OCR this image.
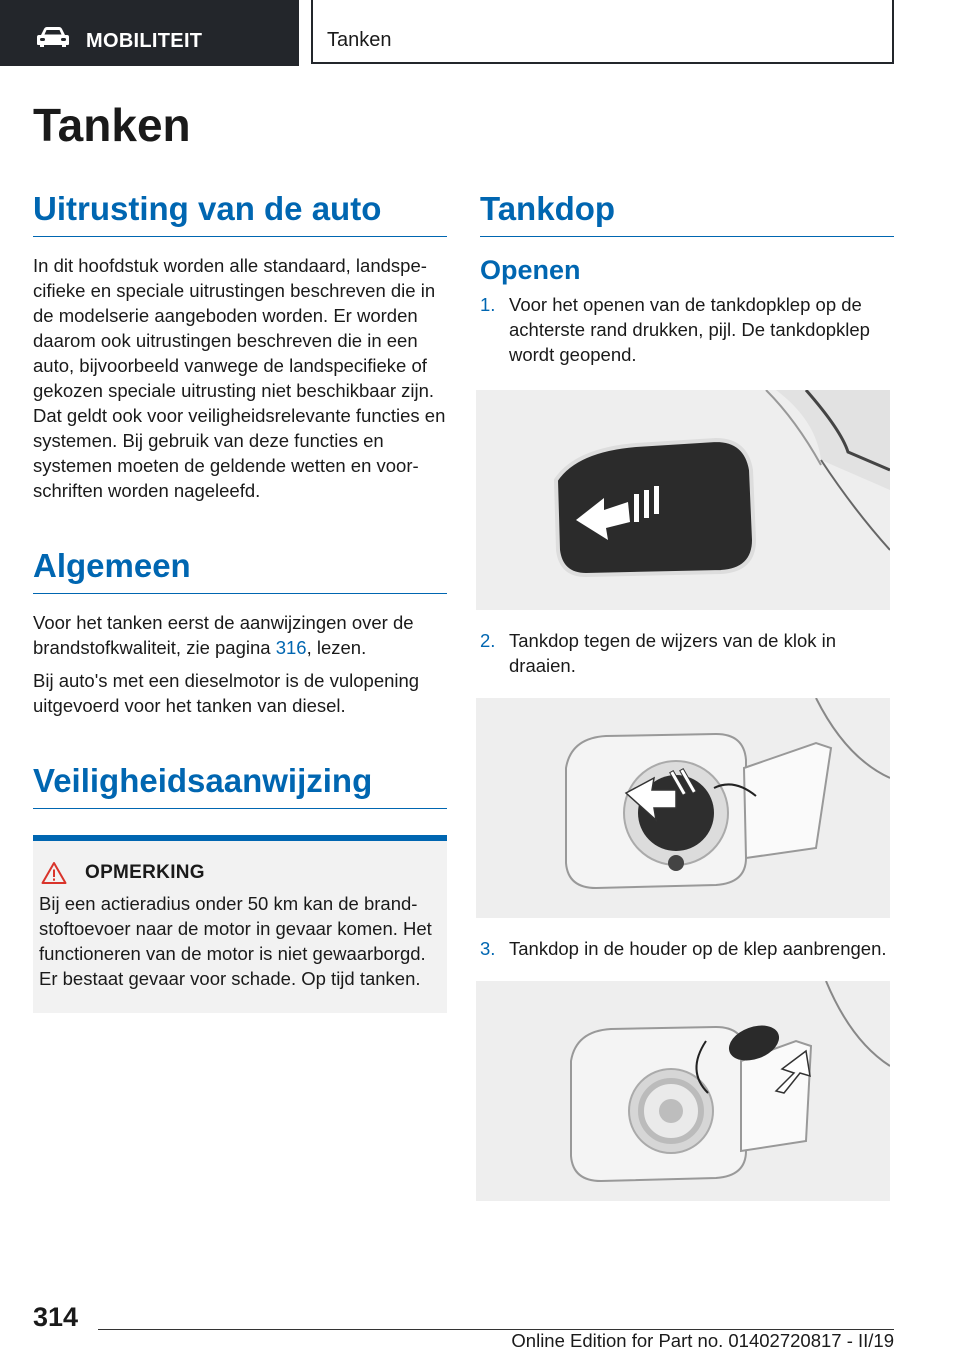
MOBILITEIT	Tanken
Tanken
Uitrusting van de auto

In dit hoofdstuk worden alle standaard, landspecifieke en speciale uitrustingen beschreven die in de modelserie aangeboden worden. Er worden daarom ook uitrustingen beschreven die in een auto, bijvoorbeeld vanwege de landspecifieke of gekozen speciale uitrusting niet beschikbaar zijn. Dat geldt ook voor veiligheidsrelevante functies en systemen. Bij gebruik van deze functies en systemen moeten de geldende wetten en voorschriften worden nageleefd.

Algemeen

Voor het tanken eerst de aanwijzingen over de brandstofkwaliteit, zie pagina 316, lezen.

Bij auto's met een dieselmotor is de vulopening uitgevoerd voor het tanken van diesel.

Veiligheidsaanwijzing
OPMERKING
Bij een actieradius onder 50 km kan de brandstoftoevoer naar de motor in gevaar komen. Het functioneren van de motor is niet gewaarborgd. Er bestaat gevaar voor schade. Op tijd tanken.
Tankdop
Openen
1. Voor het openen van de tankdopklep op de achterste rand drukken, pijl. De tankdopklep wordt geopend.
2. Tankdop tegen de wijzers van de klok in draaien.
3. Tankdop in de houder op de klep aanbrengen.
314
Online Edition for Part no. 01402720817 - II/19
